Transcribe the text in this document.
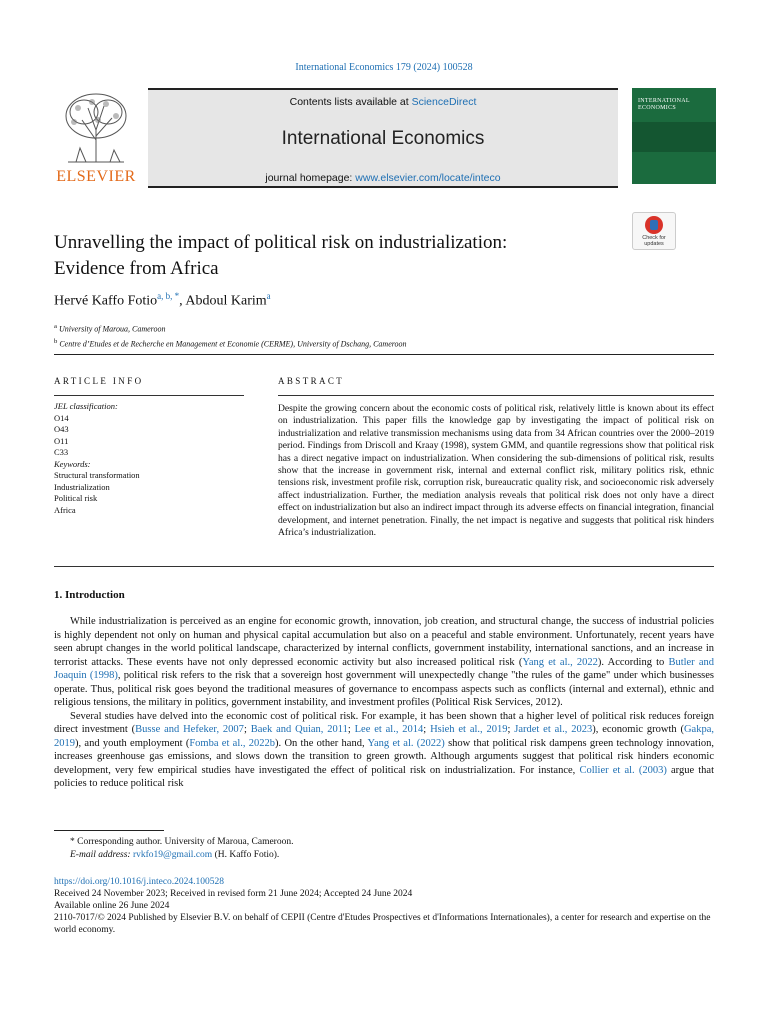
International Economics 179 (2024) 100528
ELSEVIER
Contents lists available at ScienceDirect
International Economics
journal homepage: www.elsevier.com/locate/inteco
INTERNATIONAL
ECONOMICS
Check for
updates
Unravelling the impact of political risk on industrialization:
Evidence from Africa
Hervé Kaffo Fotio$^{a, b, *}$, Abdoul Karim$^a$
$^a$ University of Maroua, Cameroon
$^b$ Centre d’Etudes et de Recherche en Management et Economie (CERME), University of Dschang, Cameroon
ARTICLE INFO	ABSTRACT
JEL classification:
O14
O43
O11
C33
Keywords:
Structural transformation
Industrialization
Political risk
Africa
Despite the growing concern about the economic costs of political risk, relatively little is known about its effect on industrialization. This paper fills the knowledge gap by investigating the impact of political risk on industrialization and relative transmission mechanisms using data from 34 African countries over the 2000–2019 period. Findings from Driscoll and Kraay (1998), system GMM, and quantile regressions show that political risk has a direct negative impact on industrialization. When considering the sub-dimensions of political risk, results show that the increase in government risk, internal and external conflict risk, military politics risk, ethnic tensions risk, investment profile risk, corruption risk, bureaucratic quality risk, and socioeconomic risk adversely affect industrialization. Further, the mediation analysis reveals that political risk does not only have a direct effect on industrialization but also an indirect impact through its adverse effects on financial integration, financial development, and internet penetration. Finally, the net impact is negative and suggests that political risk hinders Africa’s industrialization.
1. Introduction

While industrialization is perceived as an engine for economic growth, innovation, job creation, and structural change, the success of industrial policies is highly dependent not only on human and physical capital accumulation but also on a peaceful and stable environment. Unfortunately, recent years have seen abrupt changes in the world political landscape, characterized by internal conflicts, government instability, international sanctions, and an increase in terrorist attacks. These events have not only depressed economic activity but also increased political risk (Yang et al., 2022). According to Butler and Joaquin (1998), political risk refers to the risk that a sovereign host government will unexpectedly change "the rules of the game" under which businesses operate. Thus, political risk goes beyond the traditional measures of governance to encompass aspects such as conflicts (internal and external), ethnic and religious tensions, the military in politics, government instability, and investment profiles (Political Risk Services, 2012).

Several studies have delved into the economic cost of political risk. For example, it has been shown that a higher level of political risk reduces foreign direct investment (Busse and Hefeker, 2007; Baek and Quian, 2011; Lee et al., 2014; Hsieh et al., 2019; Jardet et al., 2023), economic growth (Gakpa, 2019), and youth employment (Fomba et al., 2022b). On the other hand, Yang et al. (2022) show that political risk dampens green technology innovation, increases greenhouse gas emissions, and slows down the transition to green growth. Although arguments suggest that political risk hinders economic development, very few empirical studies have investigated the effect of political risk on industrialization. For instance, Collier et al. (2003) argue that policies to reduce political risk

* Corresponding author. University of Maroua, Cameroon.
E-mail address: rvkfo19@gmail.com (H. Kaffo Fotio).
https://doi.org/10.1016/j.inteco.2024.100528
Received 24 November 2023; Received in revised form 21 June 2024; Accepted 24 June 2024
Available online 26 June 2024
2110-7017/© 2024 Published by Elsevier B.V. on behalf of CEPII (Centre d'Etudes Prospectives et d'Informations Internationales), a center for research and expertise on the world economy.
